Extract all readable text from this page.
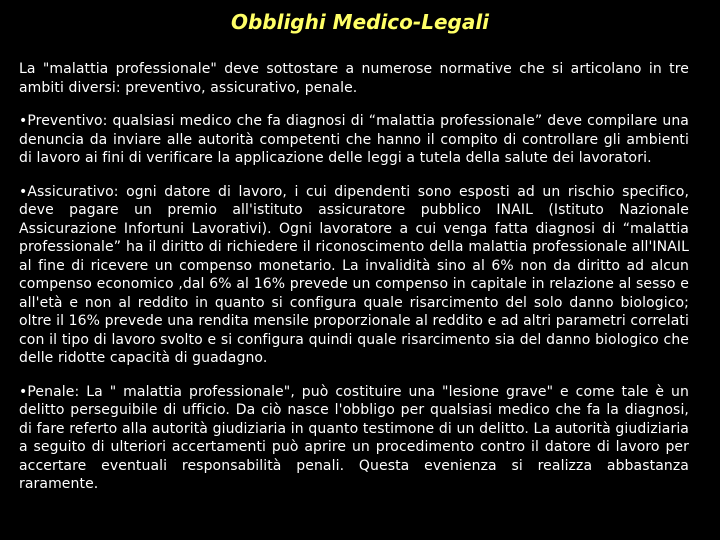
Obblighi Medico-Legali

La "malattia professionale" deve sottostare a numerose normative che si articolano in tre ambiti diversi: preventivo, assicurativo, penale.

•Preventivo: qualsiasi medico che fa diagnosi di “malattia professionale” deve compilare una denuncia da inviare alle autorità competenti che hanno il compito di controllare gli ambienti di lavoro ai fini di verificare la applicazione delle leggi a tutela della salute dei lavoratori.

•Assicurativo: ogni datore di lavoro, i cui dipendenti sono esposti ad un rischio specifico, deve pagare un premio all'istituto assicuratore pubblico INAIL (Istituto Nazionale Assicurazione Infortuni Lavorativi). Ogni lavoratore a cui venga fatta diagnosi di “malattia professionale” ha il diritto di richiedere il riconoscimento della malattia professionale all'INAIL al fine di ricevere un compenso monetario. La invalidità sino al 6% non da diritto ad alcun compenso economico ,dal 6% al 16% prevede un compenso in capitale in relazione al sesso e all'età e non al reddito in quanto si configura quale risarcimento del solo danno biologico; oltre il 16% prevede una rendita mensile proporzionale al reddito e ad altri parametri correlati con il tipo di lavoro svolto e si configura quindi quale risarcimento sia del danno biologico che delle ridotte capacità di guadagno.

•Penale: La " malattia professionale", può costituire una "lesione grave" e come tale è un delitto perseguibile di ufficio. Da ciò nasce l'obbligo per qualsiasi medico che fa la diagnosi, di fare referto alla autorità giudiziaria in quanto testimone di un delitto. La autorità giudiziaria a seguito di ulteriori accertamenti può aprire un procedimento contro il datore di lavoro per accertare eventuali responsabilità penali. Questa evenienza si realizza abbastanza raramente.
